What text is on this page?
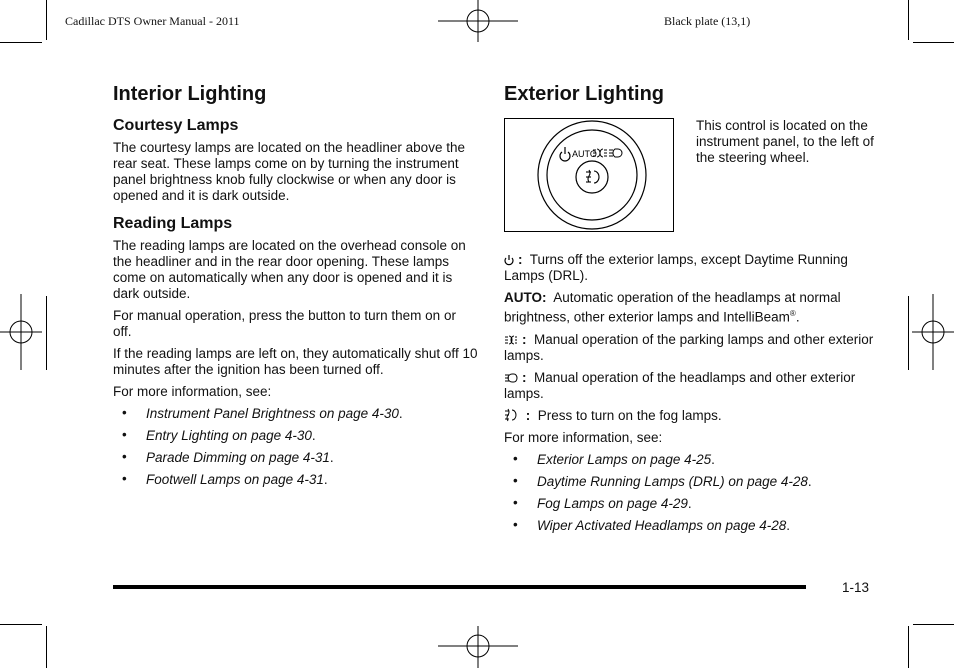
Cadillac DTS Owner Manual - 2011	Black plate (13,1)
Interior Lighting
Courtesy Lamps

The courtesy lamps are located on the headliner above the rear seat. These lamps come on by turning the instrument panel brightness knob fully clockwise or when any door is opened and it is dark outside.

Reading Lamps

The reading lamps are located on the overhead console on the headliner and in the rear door opening. These lamps come on automatically when any door is opened and it is dark outside.

For manual operation, press the button to turn them on or off.

If the reading lamps are left on, they automatically shut off 10 minutes after the ignition has been turned off.

For more information, see:

• Instrument Panel Brightness on page 4-30.
• Entry Lighting on page 4-30.
• Parade Dimming on page 4-31.
• Footwell Lamps on page 4-31.
Exterior Lighting
AUTO
This control is located on the instrument panel, to the left of the steering wheel.

: Turns off the exterior lamps, except Daytime Running Lamps (DRL).

AUTO: Automatic operation of the headlamps at normal brightness, other exterior lamps and IntelliBeam®.

: Manual operation of the parking lamps and other exterior lamps.

: Manual operation of the headlamps and other exterior lamps.

: Press to turn on the fog lamps.

For more information, see:

• Exterior Lamps on page 4-25.
• Daytime Running Lamps (DRL) on page 4-28.
• Fog Lamps on page 4-29.
• Wiper Activated Headlamps on page 4-28.
1-13
